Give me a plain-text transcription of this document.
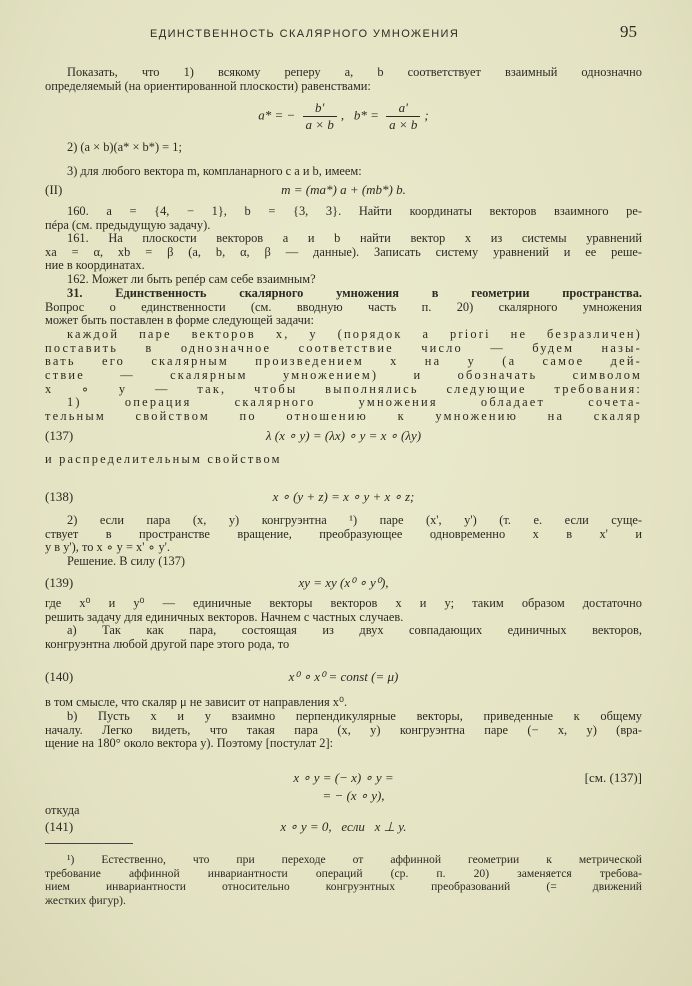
ЕДИНСТВЕННОСТЬ СКАЛЯРНОГО УМНОЖЕНИЯ	95
Показать, что 1) всякому реперу a, b соответствует взаимный однозначно
определяемый (на ориентированной плоскости) равенствами:
a* = − $\frac{b'}{a \times b}$ , $b* = \frac{a'}{a \times b}$ ;
2) (a × b)(a* × b*) = 1;
3) для любого вектора m, компланарного с a и b, имеем:
(II)	m = (ma*) a + (mb*) b.
160. a = {4, − 1}, b = {3, 3}. Найти координаты векторов взаимного ре-
пéра (см. предыдущую задачу).
161. На плоскости векторов a и b найти вектор x из системы уравнений
xa = α, xb = β (a, b, α, β — данные). Записать систему уравнений и ее реше-
ние в координатах.
162. Может ли быть репéр сам себе взаимным?
31. Единственность скалярного умножения в геометрии пространства.
Вопрос о единственности (см. вводную часть п. 20) скалярного умножения
может быть поставлен в форме следующей задачи:
каждой паре векторов x, y (порядок a priori не безразличен)
поставить в однозначное соответствие число — будем назы-
вать его скалярным произведением x на y (а самое дей-
ствие — скалярным умножением) и обозначать символом
x ∘ y — так, чтобы выполнялись следующие требования:
1) операция скалярного умножения обладает сочета-
тельным свойством по отношению к умножению на скаляр
(137)	λ (x ∘ y) = (λx) ∘ y = x ∘ (λy)
и распределительным свойством
(138)	x ∘ (y + z) = x ∘ y + x ∘ z;
2) если пара (x, y) конгруэнтна ¹) паре (x', y') (т. е. если суще-
ствует в пространстве вращение, преобразующее одновременно x в x' и
y в y'), то x ∘ y = x' ∘ y'.
Решение. В силу (137)
(139)	xy = xy (x⁰ ∘ y⁰),
где x⁰ и y⁰ — единичные векторы векторов x и y; таким образом достаточно
решить задачу для единичных векторов. Начнем с частных случаев.
а) Так как пара, состоящая из двух совпадающих единичных векторов,
конгруэнтна любой другой паре этого рода, то
(140)	x⁰ ∘ x⁰ = const (= μ)
в том смысле, что скаляр μ не зависит от направления x⁰.
b) Пусть x и y взаимно перпендикулярные векторы, приведенные к общему
началу. Легко видеть, что такая пара (x, y) конгруэнтна паре (− x, y) (вра-
щение на 180° около вектора y). Поэтому [постулат 2]:
x ∘ y = (− x) ∘ y =	[см. (137)]
= − (x ∘ y),
откуда
(141)	x ∘ y = 0,   если   x ⊥ y.
¹) Естественно, что при переходе от аффинной геометрии к метрической
требование аффинной инвариантности операций (ср. п. 20) заменяется требова-
нием инвариантности относительно конгруэнтных преобразований (= движений
жестких фигур).
